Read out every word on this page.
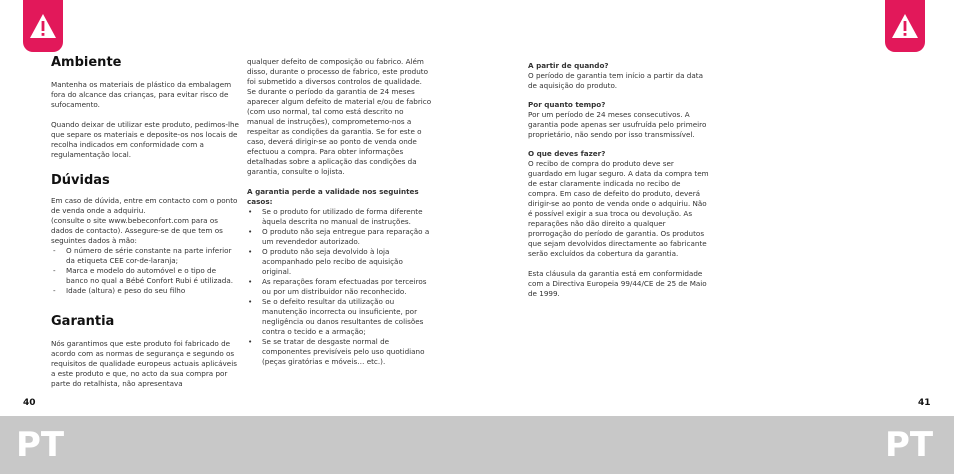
Ambiente

Mantenha os materiais de plástico da embalagem fora do alcance das crianças, para evitar risco de sufocamento.

Quando deixar de utilizar este produto, pedimos-lhe que separe os materiais e deposite-os nos locais de recolha indicados em conformidade com a regulamentação local.

Dúvidas

Em caso de dúvida, entre em contacto com o ponto de venda onde a adquiriu.

(consulte o site www.bebeconfort.com para os dados de contacto). Assegure-se de que tem os seguintes dados à mão:

- O número de série constante na parte inferior da etiqueta CEE cor-de-laranja;
- Marca e modelo do automóvel e o tipo de banco no qual a Bébé Confort Rubi é utilizada.
- Idade (altura) e peso do seu filho
Garantia

Nós garantimos que este produto foi fabricado de acordo com as normas de segurança e segundo os requisitos de qualidade europeus actuais aplicáveis a este produto e que, no acto da sua compra por parte do retalhista, não apresentava

qualquer defeito de composição ou fabrico. Além disso, durante o processo de fabrico, este produto foi submetido a diversos controlos de qualidade. Se durante o período da garantia de 24 meses aparecer algum defeito de material e/ou de fabrico (com uso normal, tal como está descrito no manual de instruções), comprometemo-nos a respeitar as condições da garantia. Se for este o caso, deverá dirigir-se ao ponto de venda onde efectuou a compra. Para obter informações detalhadas sobre a aplicação das condições da garantia, consulte o lojista.

A garantia perde a validade nos seguintes casos:

• Se o produto for utilizado de forma diferente àquela descrita no manual de instruções.
• O produto não seja entregue para reparação a um revendedor autorizado.
• O produto não seja devolvido à loja acompanhado pelo recibo de aquisição original.
• As reparações foram efectuadas por terceiros ou por um distribuidor não reconhecido.
• Se o defeito resultar da utilização ou manutenção incorrecta ou insuficiente, por negligência ou danos resultantes de colisões contra o tecido e a armação;
• Se se tratar de desgaste normal de componentes previsíveis pelo uso quotidiano (peças giratórias e móveis… etc.).

A partir de quando?

O período de garantia tem início a partir da data de aquisição do produto.

Por quanto tempo?

Por um período de 24 meses consecutivos. A garantia pode apenas ser usufruída pelo primeiro proprietário, não sendo por isso transmissível.

O que deves fazer?

O recibo de compra do produto deve ser guardado em lugar seguro. A data da compra tem de estar claramente indicada no recibo de compra. Em caso de defeito do produto, deverá dirigir-se ao ponto de venda onde o adquiriu. Não é possível exigir a sua troca ou devolução. As reparações não dão direito a qualquer prorrogação do período de garantia. Os produtos que sejam devolvidos directamente ao fabricante serão excluídos da cobertura da garantia.

Esta cláusula da garantia está em conformidade com a Directiva Europeia 99/44/CE de 25 de Maio de 1999.

40	41
PT	PT
